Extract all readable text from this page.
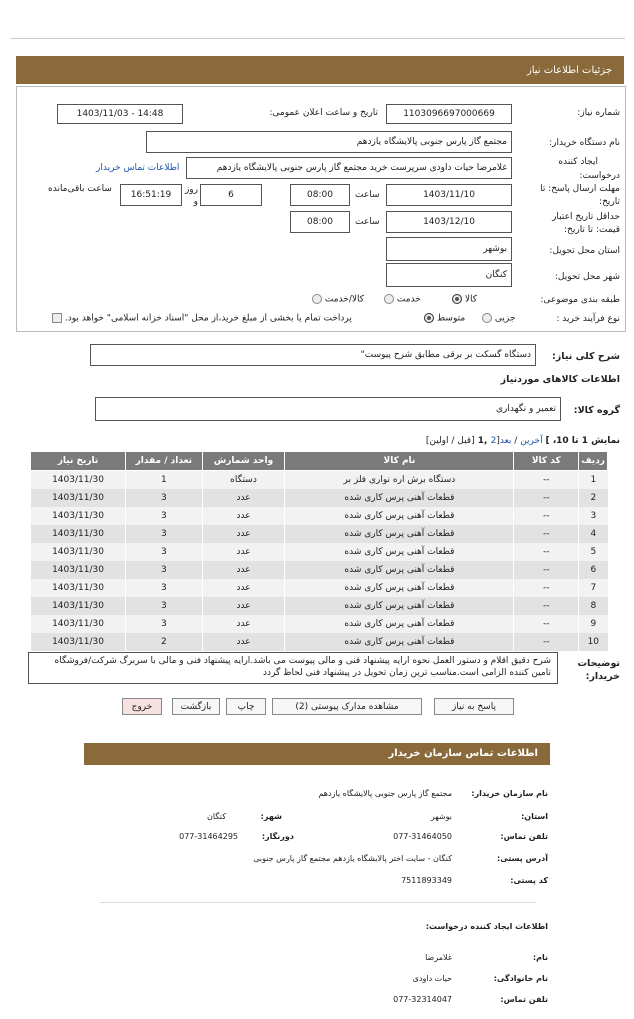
جزئیات اطلاعات نیاز
شماره نیاز:
1103096697000669
تاریخ و ساعت اعلان عمومی:
1403/11/03 - 14:48
نام دستگاه خریدار:
مجتمع گاز پارس جنوبی پالایشگاه یازدهم
ایجاد کننده
درخواست:
غلامرضا حیات داودی سرپرست خرید مجتمع گاز پارس جنوبی پالایشگاه یازدهم
اطلاعات تماس خریدار
مهلت ارسال پاسخ: تا
تاریخ:
1403/11/10
ساعت
08:00
6
روز و
16:51:19
ساعت باقی‌مانده
حداقل تاریخ اعتبار
قیمت: تا تاریخ:
1403/12/10
ساعت
08:00
استان محل تحویل:
بوشهر
شهر محل تحویل:
کنگان
طبقه بندی موضوعی:
کالا
خدمت
کالا/خدمت
نوع فرآیند خرید :
جزیی
متوسط
پرداخت تمام یا بخشی از مبلغ خرید،از محل "اسناد خزانه اسلامی" خواهد بود.
شرح کلی نیاز:
دستگاه گسکت بر برقی مطابق شرح پیوست"
اطلاعات کالاهای مورد‌نیاز
گروه کالا:
تعمیر و نگهداری
نمایش 1 تا 10، ] آخرین / بعد[2 ,1 [قبل / اولین]
ردیف	کد کالا	نام کالا	واحد شمارش	تعداد / مقدار	تاریخ نیاز
1	--	دستگاه برش اره نواری فلز بر	دستگاه	1	1403/11/30
2	--	قطعات آهنی پرس کاری شده	عدد	3	1403/11/30
3	--	قطعات آهنی پرس کاری شده	عدد	3	1403/11/30
4	--	قطعات آهنی پرس کاری شده	عدد	3	1403/11/30
5	--	قطعات آهنی پرس کاری شده	عدد	3	1403/11/30
6	--	قطعات آهنی پرس کاری شده	عدد	3	1403/11/30
7	--	قطعات آهنی پرس کاری شده	عدد	3	1403/11/30
8	--	قطعات آهنی پرس کاری شده	عدد	3	1403/11/30
9	--	قطعات آهنی پرس کاری شده	عدد	3	1403/11/30
10	--	قطعات آهنی پرس کاری شده	عدد	2	1403/11/30
توضیحات خریدار:
شرح دقیق اقلام و دستور العمل نحوه ارایه پیشنهاد فنی و مالی پیوست می باشد.ارایه پیشنهاد فنی و مالی با سربرگ شرکت/فروشگاه تامین کننده الزامی است.مناسب ترین زمان تحویل در پیشنهاد فنی لحاظ گردد
پاسخ به نیاز
مشاهده مدارک پیوستی (2)
چاپ
بازگشت
خروج
اطلاعات تماس سازمان خریدار
نام سازمان خریدار:
مجتمع گاز پارس جنوبی پالایشگاه یازدهم
استان:
بوشهر
شهر:
کنگان
تلفن تماس:
077-31464050
دورنگار:
077-31464295
آدرس پستی:
کنگان - سایت اختر پالایشگاه یازدهم مجتمع گاز پارس جنوبی
کد پستی:
7511893349
اطلاعات ایجاد کننده درخواست:
نام:
غلامرضا
نام خانوادگی:
حیات داودی
تلفن تماس:
077-32314047
